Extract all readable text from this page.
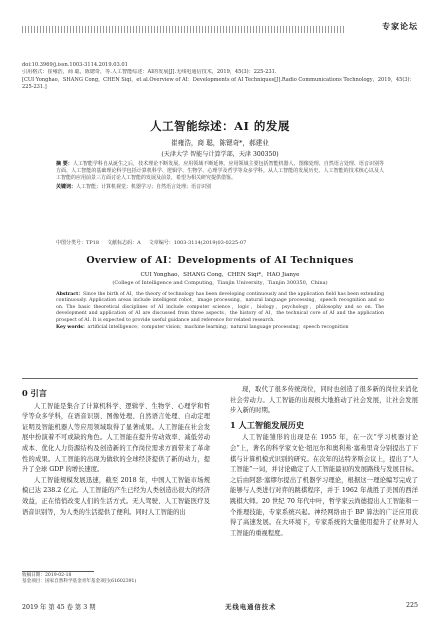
专家论坛
doi:10.3969/j.issn.1003-3114.2019.03.01
引用格式：崔雍浩，商 聪，陈锶奇，等.人工智能综述：AI的发展[J].无线电通信技术，2019，45(3)：225-231.
[CUI Yonghao，SHANG Cong，CHEN Siqi，et al.Overview of AI：Developments of AI Techniques[J].Radio Communications Technology，2019，45(3)：225-231.]
人工智能综述：AI 的发展
崔雍浩，商 聪，陈锶奇*，郝建业
(天津大学 智能与计算学部，天津 300350)
摘 要：人工智能学科自从诞生之后，技术理论不断发展，应用领域不断延伸。应用领域主要包括智能机器人、图像处理、自然语言处理、语音识别等方面，人工智能的基础理论科学包括计算机科学、逻辑学、生物学、心理学及哲学等众多学科。从人工智能的发展历史、人工智能的技术核心以及人工智能的应用前景三方面讨论人工智能的发展及前景，希望为相关研究提供借鉴。
关键词：人工智能；计算机视觉；机器学习；自然语言处理；语音识别
中图分类号：TP18 文献标志码：A 文章编号：1003-3114(2019)03-0225-07
Overview of AI：Developments of AI Techniques
CUI Yonghao，SHANG Cong，CHEN Siqi*，HAO Jianye
(College of Intelligence and Computing，Tianjin University，Tianjin 300350，China)
Abstract：Since the birth of AI，the theory of technology has been developing continuously and the application field has been extending continuously. Application areas include intelligent robot，image processing，natural language processing，speech recognition and so on. The basic theoretical disciplines of AI include computer science，logic，biology，psychology，philosophy and so on. The development and application of AI are discussed from three aspects，the history of AI，the technical core of AI and the application prospect of AI. It is expected to provide useful guidance and reference for related research.
Key words：artificial intelligence；computer vision；machine learning；natural language processing；speech recognition
0 引言

人工智能是集合了计算机科学、逻辑学、生物学、心理学和哲学等众多学科，在语音识别、图像处理、自然语言处理、自动定理证明及智能机器人等应用领域取得了显著成果。人工智能在社会发展中扮演着不可或缺的角色。人工智能在提升劳动效率、减低劳动成本、优化人力资源结构及创造新的工作岗位需求方面带来了革命性的成果。人工智能的出现为做软的全球经济提供了新的动力，提升了全球 GDP 的增长速度。

人工智能规模发展迅速，截至 2018 年，中国人工智能市场规模已达 238.2 亿元。人工智能的产生已经为人类创造出很大的经济效益，正在悄悄改变人们的生活方式。无人驾驶、人工智能医疗及语音识别等，为人类的生活提供了便利。同时人工智能的出

现，取代了很多传统岗位，同时也创造了很多新的岗位来消化社会劳动力。人工智能的出现极大地推动了社会发展，让社会发展步入新的时期。

1 人工智能发展历史

人工智能雏形的出现是在 1955 年，在一次“学习机器讨论会”上，著名的科学家文伦·纽厄尔和奥利弗·塞弗里奇分别提出了下棋与计算机模式识别的研究。在次年的达特茅斯会议上，提出了“人工智能”一词，并讨论确定了人工智能最初的发展路线与发展目标。之后由阿瑟·塞缪尔提出了机器学习理论，根据这一理论编写完成了能够与人类进行对弈的跳棋程序，并于 1962 年战胜了美国的西洋跳棋大师。20 世纪 70 年代中叶，哲学家云尚德提出人工智能和一个推理技能，专家系统兴起。神经网络由于 BP 算法的广泛应用获得了高速发展。在大环境下，专家系统的大量使用提升了业界对人工智能的重视程度。

收稿日期：2019-02-18
基金项目：国家自然科学基金青年基金项目(61602391)
2019 年 第 45 卷 第 3 期	无线电通信技术	225
